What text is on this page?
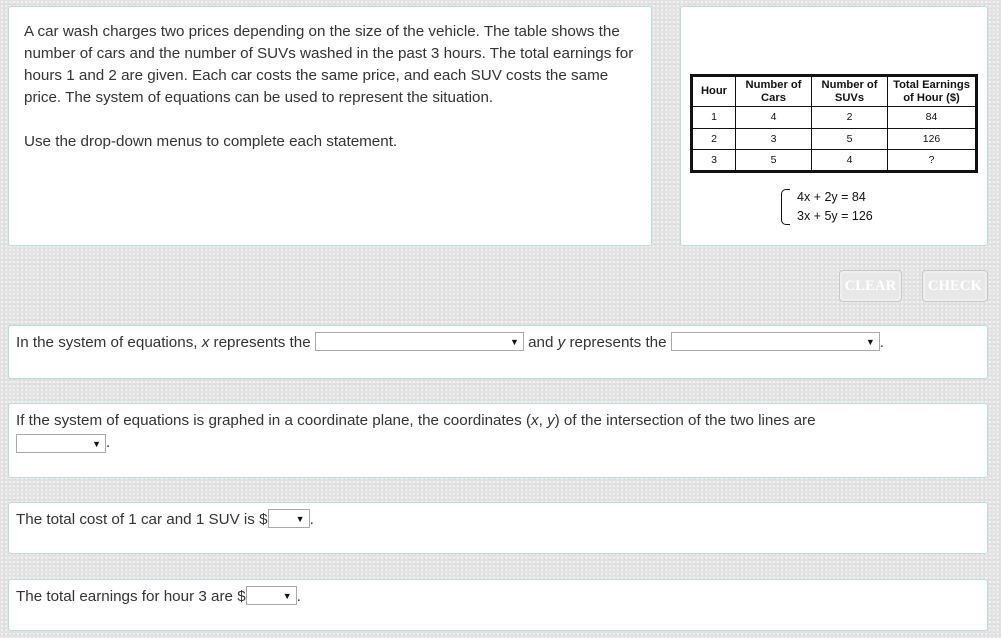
A car wash charges two prices depending on the size of the vehicle. The table shows the number of cars and the number of SUVs washed in the past 3 hours. The total earnings for hours 1 and 2 are given. Each car costs the same price, and each SUV costs the same price. The system of equations can be used to represent the situation.

Use the drop-down menus to complete each statement.

Hour	Number of Cars	Number of SUVs	Total Earnings of Hour ($)
1	4	2	84
2	3	5	126
3	5	4	?
4x + 2y = 84
3x + 5y = 126
CLEAR	CHECK
In the system of equations, x represents the	▼ and y represents the	▼ .
If the system of equations is graphed in a coordinate plane, the coordinates (x, y) of the intersection of the two lines are

▼ .
The total cost of 1 car and 1 SUV is $	▼ .
The total earnings for hour 3 are $	▼ .
